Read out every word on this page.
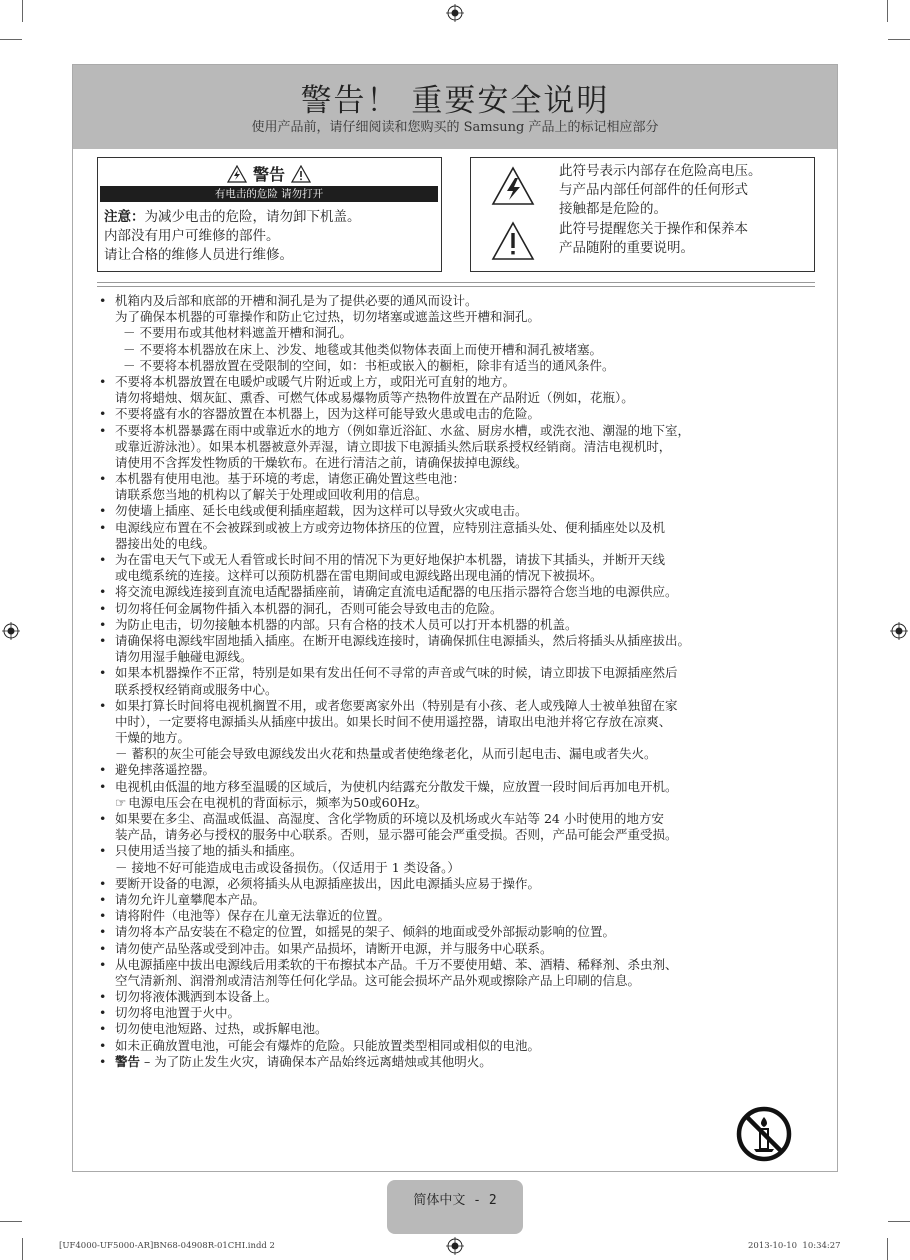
警告！ 重要安全说明
使用产品前，请仔细阅读和您购买的 Samsung 产品上的标记相应部分
警告
有电击的危险 请勿打开
注意：为减少电击的危险，请勿卸下机盖。
内部没有用户可维修的部件。
请让合格的维修人员进行维修。
此符号表示内部存在危险高电压。
与产品内部任何部件的任何形式
接触都是危险的。
此符号提醒您关于操作和保养本
产品随附的重要说明。
• 机箱内及后部和底部的开槽和洞孔是为了提供必要的通风而设计。
为了确保本机器的可靠操作和防止它过热，切勿堵塞或遮盖这些开槽和洞孔。
－ 不要用布或其他材料遮盖开槽和洞孔。
－ 不要将本机器放在床上、沙发、地毯或其他类似物体表面上而使开槽和洞孔被堵塞。
－ 不要将本机器放置在受限制的空间，如：书柜或嵌入的橱柜，除非有适当的通风条件。
• 不要将本机器放置在电暖炉或暖气片附近或上方，或阳光可直射的地方。
请勿将蜡烛、烟灰缸、熏香、可燃气体或易爆物质等产热物件放置在产品附近（例如，花瓶）。
• 不要将盛有水的容器放置在本机器上，因为这样可能导致火患或电击的危险。
• 不要将本机器暴露在雨中或靠近水的地方（例如靠近浴缸、水盆、厨房水槽，或洗衣池、潮湿的地下室，
或靠近游泳池）。如果本机器被意外弄湿，请立即拔下电源插头然后联系授权经销商。清洁电视机时，
请使用不含挥发性物质的干燥软布。在进行清洁之前，请确保拔掉电源线。
• 本机器有使用电池。基于环境的考虑，请您正确处置这些电池：
请联系您当地的机构以了解关于处理或回收利用的信息。
• 勿使墙上插座、延长电线或便利插座超载，因为这样可以导致火灾或电击。
• 电源线应布置在不会被踩到或被上方或旁边物体挤压的位置，应特别注意插头处、便利插座处以及机
器接出处的电线。
• 为在雷电天气下或无人看管或长时间不用的情况下为更好地保护本机器，请拔下其插头，并断开天线
或电缆系统的连接。这样可以预防机器在雷电期间或电源线路出现电涌的情况下被损坏。
• 将交流电源线连接到直流电适配器插座前，请确定直流电适配器的电压指示器符合您当地的电源供应。
• 切勿将任何金属物件插入本机器的洞孔，否则可能会导致电击的危险。
• 为防止电击，切勿接触本机器的内部。只有合格的技术人员可以打开本机器的机盖。
• 请确保将电源线牢固地插入插座。在断开电源线连接时，请确保抓住电源插头，然后将插头从插座拔出。
请勿用湿手触碰电源线。
• 如果本机器操作不正常，特别是如果有发出任何不寻常的声音或气味的时候，请立即拔下电源插座然后
联系授权经销商或服务中心。
• 如果打算长时间将电视机搁置不用，或者您要离家外出（特别是有小孩、老人或残障人士被单独留在家
中时），一定要将电源插头从插座中拔出。如果长时间不使用遥控器，请取出电池并将它存放在凉爽、
干燥的地方。
－ 蓄积的灰尘可能会导致电源线发出火花和热量或者使绝缘老化，从而引起电击、漏电或者失火。
• 避免摔落遥控器。
• 电视机由低温的地方移至温暖的区域后，为使机内结露充分散发干燥，应放置一段时间后再加电开机。
☞ 电源电压会在电视机的背面标示，频率为50或60Hz。
• 如果要在多尘、高温或低温、高湿度、含化学物质的环境以及机场或火车站等 24 小时使用的地方安
装产品，请务必与授权的服务中心联系。否则，显示器可能会严重受损。否则，产品可能会严重受损。
• 只使用适当接了地的插头和插座。
－ 接地不好可能造成电击或设备损伤。（仅适用于 1 类设备。）
• 要断开设备的电源，必须将插头从电源插座拔出，因此电源插头应易于操作。
• 请勿允许儿童攀爬本产品。
• 请将附件（电池等）保存在儿童无法靠近的位置。
• 请勿将本产品安装在不稳定的位置，如摇晃的架子、倾斜的地面或受外部振动影响的位置。
• 请勿使产品坠落或受到冲击。如果产品损坏，请断开电源，并与服务中心联系。
• 从电源插座中拔出电源线后用柔软的干布擦拭本产品。千万不要使用蜡、苯、酒精、稀释剂、杀虫剂、
空气清新剂、润滑剂或清洁剂等任何化学品。这可能会损坏产品外观或擦除产品上印刷的信息。
• 切勿将液体溅洒到本设备上。
• 切勿将电池置于火中。
• 切勿使电池短路、过热，或拆解电池。
• 如未正确放置电池，可能会有爆炸的危险。只能放置类型相同或相似的电池。
• 警告 – 为了防止发生火灾，请确保本产品始终远离蜡烛或其他明火。
简体中文 - 2
[UF4000-UF5000-AR]BN68-04908R-01CHI.indd 2	2013-10-10 ￼ 10:34:27
